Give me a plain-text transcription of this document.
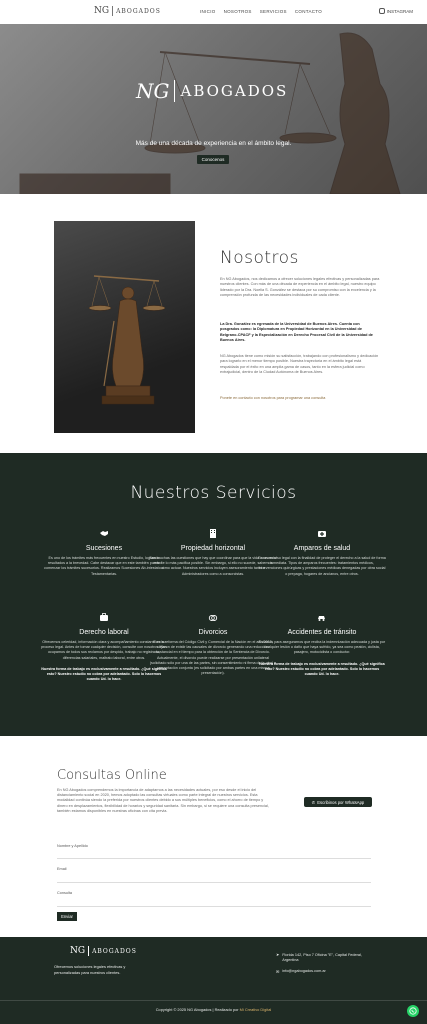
NG ABOGADOS	INICIO NOSOTROS SERVICIOS CONTACTO	INSTAGRAM
NG ABOGADOS
Más de una década de experiencia en el ámbito legal.
Conocenos
Nosotros

En NG Abogados, nos dedicamos a ofrecer soluciones legales efectivas y personalizadas para nuestros clientes. Con más de una década de experiencia en el ámbito legal, nuestro equipo liderado por la Dra. Noelia S. González se destaca por su compromiso con la excelencia y la comprensión profunda de las necesidades individuales de cada cliente.

La Dra. González es egresada de la Universidad de Buenos Aires. Cuenta con posgrados como: la Diplomatura en Propiedad Horizontal en la Universidad de Belgrano-CPACF y la Especialización en Derecho Procesal Civil de la Universidad de Buenos Aires.

NG Abogados tiene como misión su satisfacción, trabajando con profesionalismo y dedicación para lograrlo en el menor tiempo posible. Nuestra trayectoria en el ámbito legal está respaldada por el éxito en una amplia gama de casos, tanto en la esfera judicial como extrajudicial, dentro de la Ciudad Autónoma de Buenos Aires.

Ponete en contacto con nosotros para programar una consulta

Nuestros Servicios
Sucesiones
Es uno de los trámites más frecuentes en nuestro Estudio, logrando resultados a la brevedad. Cabe destacar que en este también puede comenzar los trámites sucesorios. Realizamos Sucesiones Ab-intestato o Testamentarias.
Propiedad horizontal
Son muchas las cuestiones que hay que coordinar para que la vida consorcial resulte lo más pacífica posible. Sin embargo, si ello no sucede, sabemos cómo actuar. Nuestros servicios incluyen asesoramiento tanto a Administradores como a consorcistas.
Amparos de salud
Es un recurso legal con la finalidad de proteger el derecho a la salud de forma inmediata. Tipos de amparos frecuentes: tratamientos médicos, intervenciones quirúrgicas y prestaciones médicas denegadas por obra social o prepaga, hogares de ancianos, entre otros.
Derecho laboral
Ofrecemos celeridad, información clara y acompañamiento constante en su proceso legal. Antes de tomar cualquier decisión, consulte con nosotros. Nos ocupamos de todos sus reclamos por despido, trabajo no registrado, diferencias salariales, maltrato laboral, entre otros.
Nuestra forma de trabajo es exclusivamente a resultado. ¿Qué significa esto? Nuestro estudio no cobra por adelantado. Solo lo hacemos cuando Ud. lo hace.
Divorcios
Con la reforma del Código Civil y Comercial de la Nación en el año 2015, dejaron de existir las causales de divorcio generando una reducción sustancial en el tiempo para la obtención de la Sentencia de Divorcio. Actualmente, el divorcio puede realizarse por presentación unilateral (solicitado sólo por una de las partes, sin consentimiento ni firma de la otra) o presentación conjunta (es solicitado por ambas partes en una misma presentación).
Accidentes de tránsito
Estamos para asegurarnos que reciba la indemnización adecuada y justa por cualquier lesión o daño que haya sufrido, ya sea como peatón, ciclista, pasajero, motociclista o conductor.
Nuestra forma de trabajo es exclusivamente a resultado. ¿Qué significa esto? Nuestro estudio no cobra por adelantado. Solo lo hacemos cuando Ud. lo hace.
Consultas Online

En NG Abogados comprendemos la importancia de adaptarnos a las necesidades actuales, por eso desde el inicio del distanciamiento social en 2020, hemos adoptado las consultas virtuales como parte integral de nuestros servicios. Esta modalidad continúa siendo la preferida por nuestros clientes debido a sus múltiples beneficios, como el ahorro de tiempo y dinero en desplazamientos, flexibilidad de horarios y seguridad sanitaria. Sin embargo, si se requiere una consulta presencial, también estamos disponibles en nuestras oficinas con cita previa.

✆ Escribinos por WhatsApp
Nombre y Apellido
Email
Consulta
Enviar
NG ABOGADOS

Ofrecemos soluciones legales efectivas y personalizadas para nuestros clientes.

➤ Florida 142, Piso 7 Oficina "E", Capital Federal, Argentina
✉ info@ngabogados.com.ar
Copyright © 2025 NG Abogados | Realizado por Mi Creativo Digital
